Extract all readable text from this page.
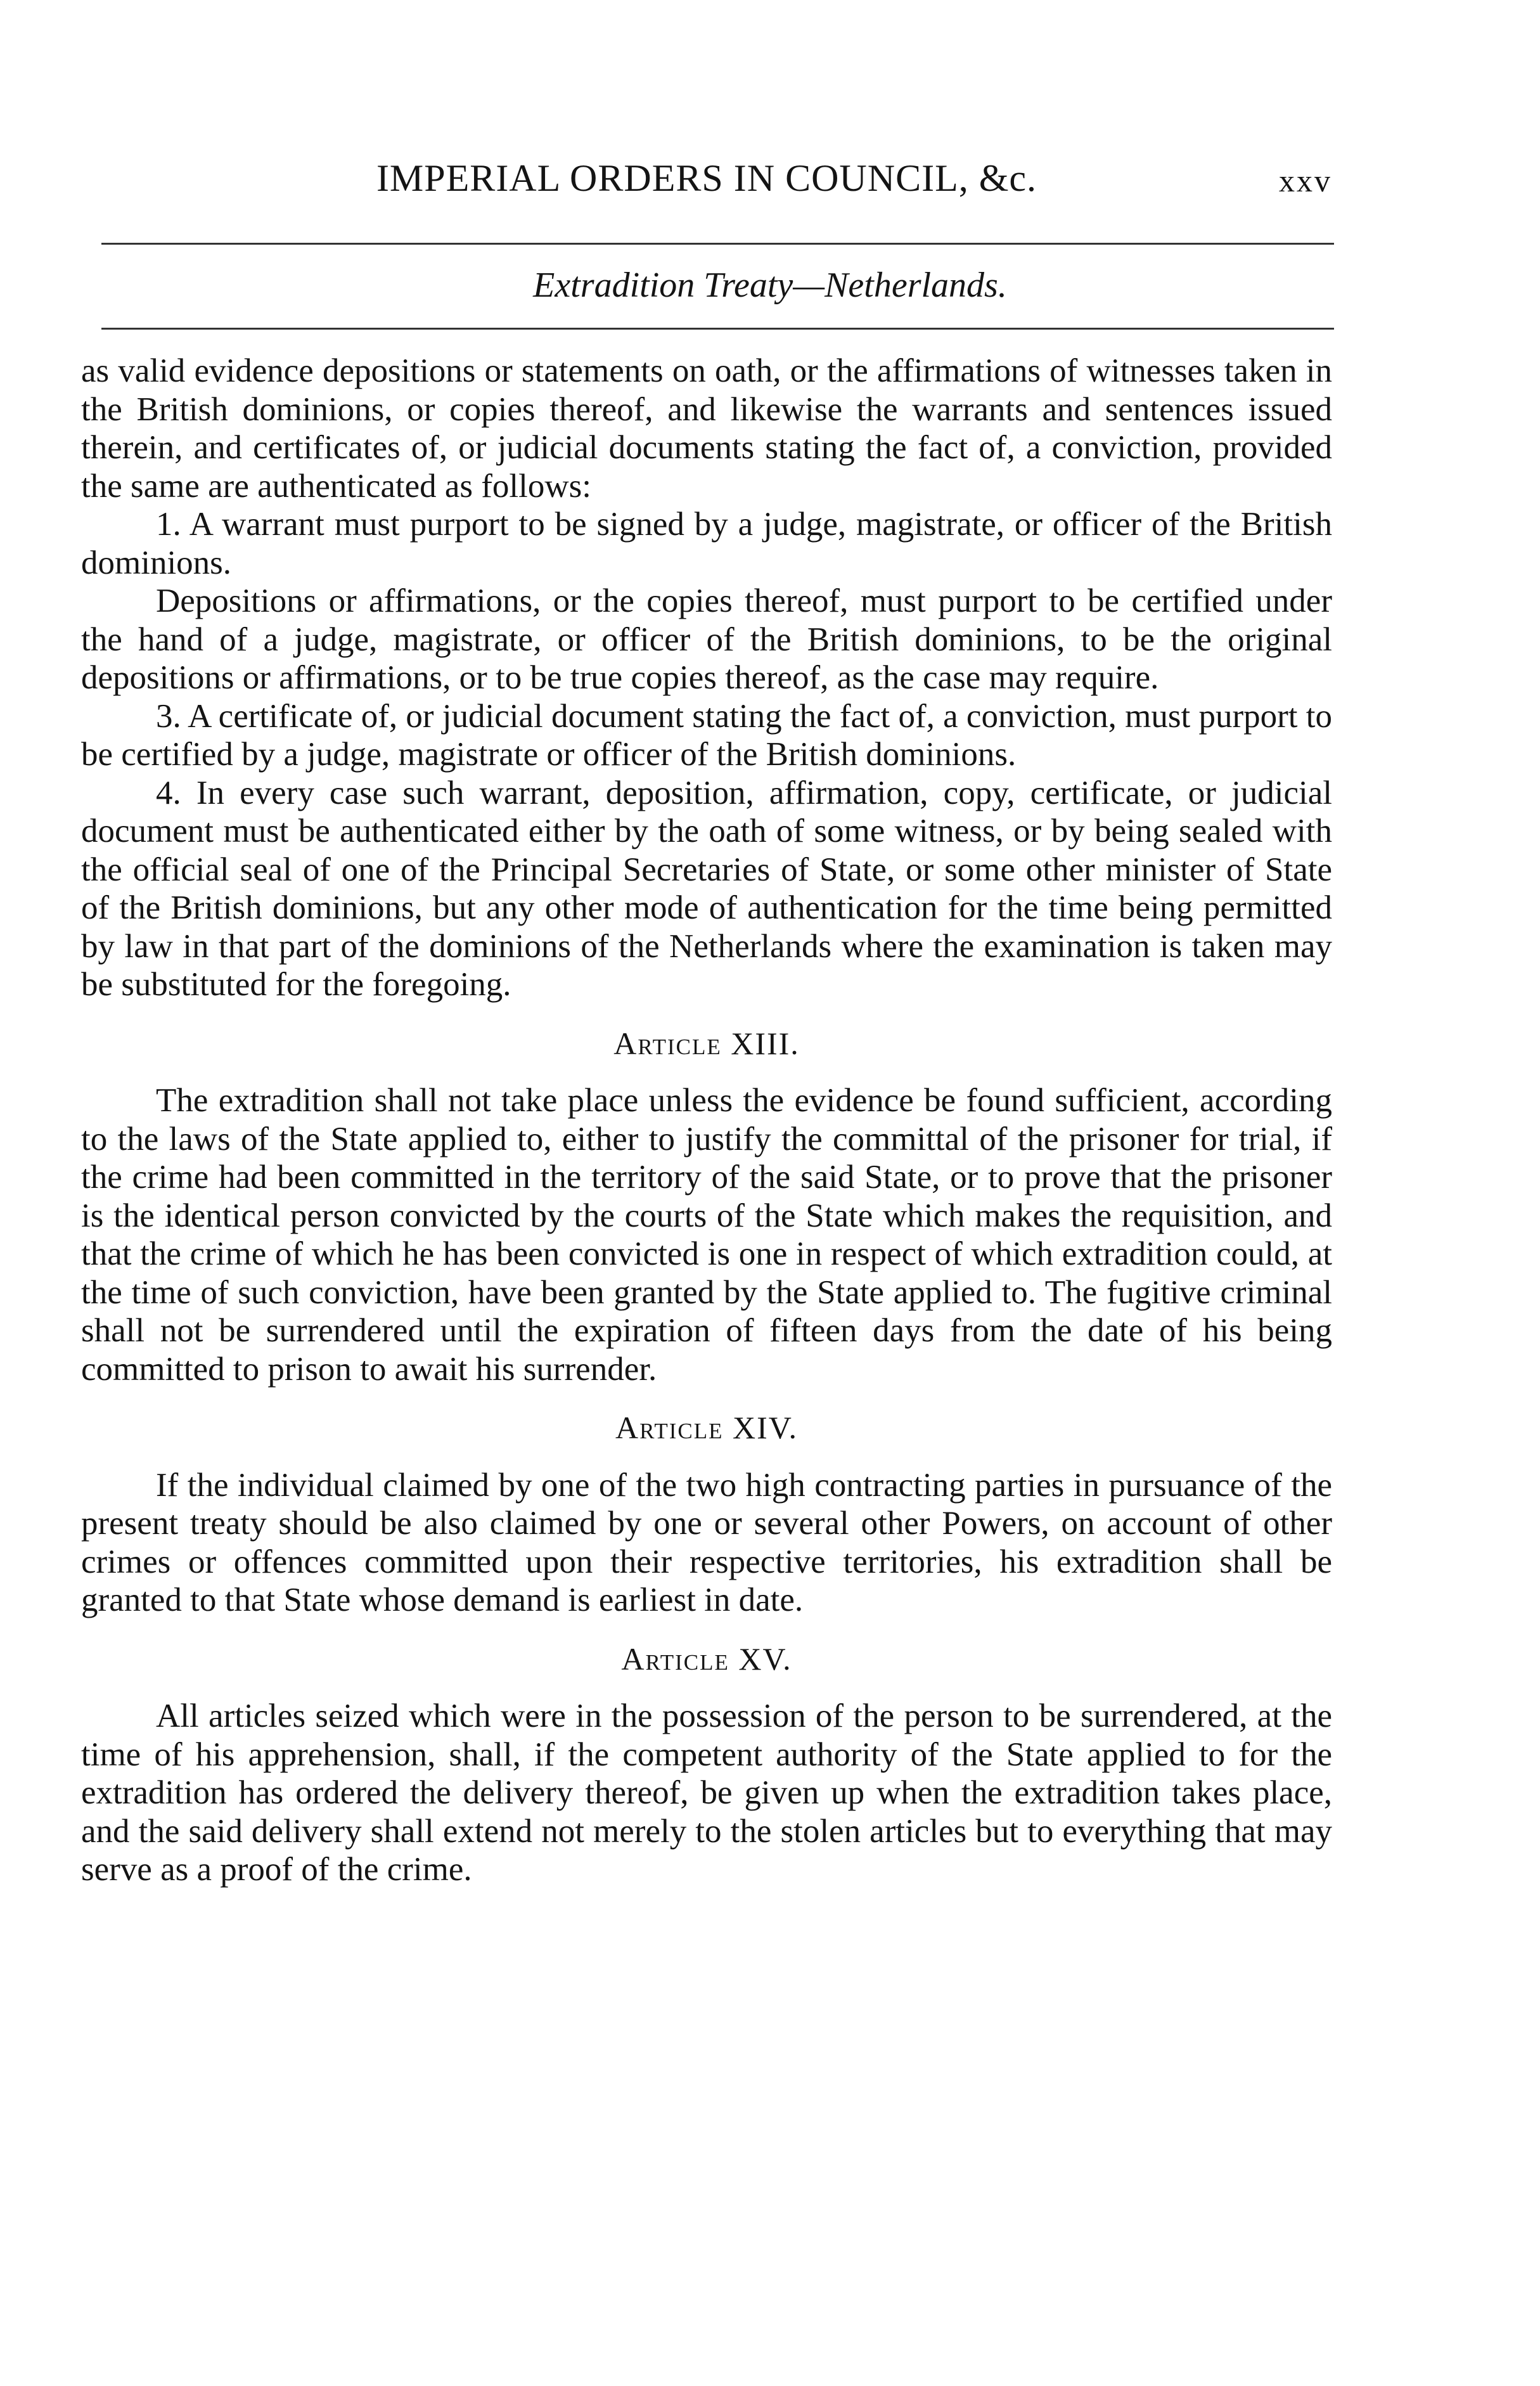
IMPERIAL ORDERS IN COUNCIL, &c.	xxv
Extradition Treaty—Netherlands.

as valid evidence depositions or statements on oath, or the affirmations of witnesses taken in the British dominions, or copies thereof, and likewise the warrants and sentences issued therein, and certificates of, or judicial documents stating the fact of, a conviction, provided the same are authenticated as follows:

1. A warrant must purport to be signed by a judge, magistrate, or officer of the British dominions.

Depositions or affirmations, or the copies thereof, must purport to be certified under the hand of a judge, magistrate, or officer of the British dominions, to be the original depositions or affirmations, or to be true copies thereof, as the case may require.

3. A certificate of, or judicial document stating the fact of, a conviction, must purport to be certified by a judge, magistrate or officer of the British dominions.

4. In every case such warrant, deposition, affirmation, copy, certificate, or judicial document must be authenticated either by the oath of some witness, or by being sealed with the official seal of one of the Principal Secretaries of State, or some other minister of State of the British dominions, but any other mode of authentication for the time being permitted by law in that part of the dominions of the Netherlands where the examination is taken may be substituted for the foregoing.

Article XIII.

The extradition shall not take place unless the evidence be found sufficient, according to the laws of the State applied to, either to justify the committal of the prisoner for trial, if the crime had been committed in the territory of the said State, or to prove that the prisoner is the identical person convicted by the courts of the State which makes the requisition, and that the crime of which he has been convicted is one in respect of which extradition could, at the time of such conviction, have been granted by the State applied to. The fugitive criminal shall not be surrendered until the expiration of fifteen days from the date of his being committed to prison to await his surrender.

Article XIV.

If the individual claimed by one of the two high contracting parties in pursuance of the present treaty should be also claimed by one or several other Powers, on account of other crimes or offences committed upon their respective territories, his extradition shall be granted to that State whose demand is earliest in date.

Article XV.

All articles seized which were in the possession of the person to be surrendered, at the time of his apprehension, shall, if the competent authority of the State applied to for the extradition has ordered the delivery thereof, be given up when the extradition takes place, and the said delivery shall extend not merely to the stolen articles but to everything that may serve as a proof of the crime.
